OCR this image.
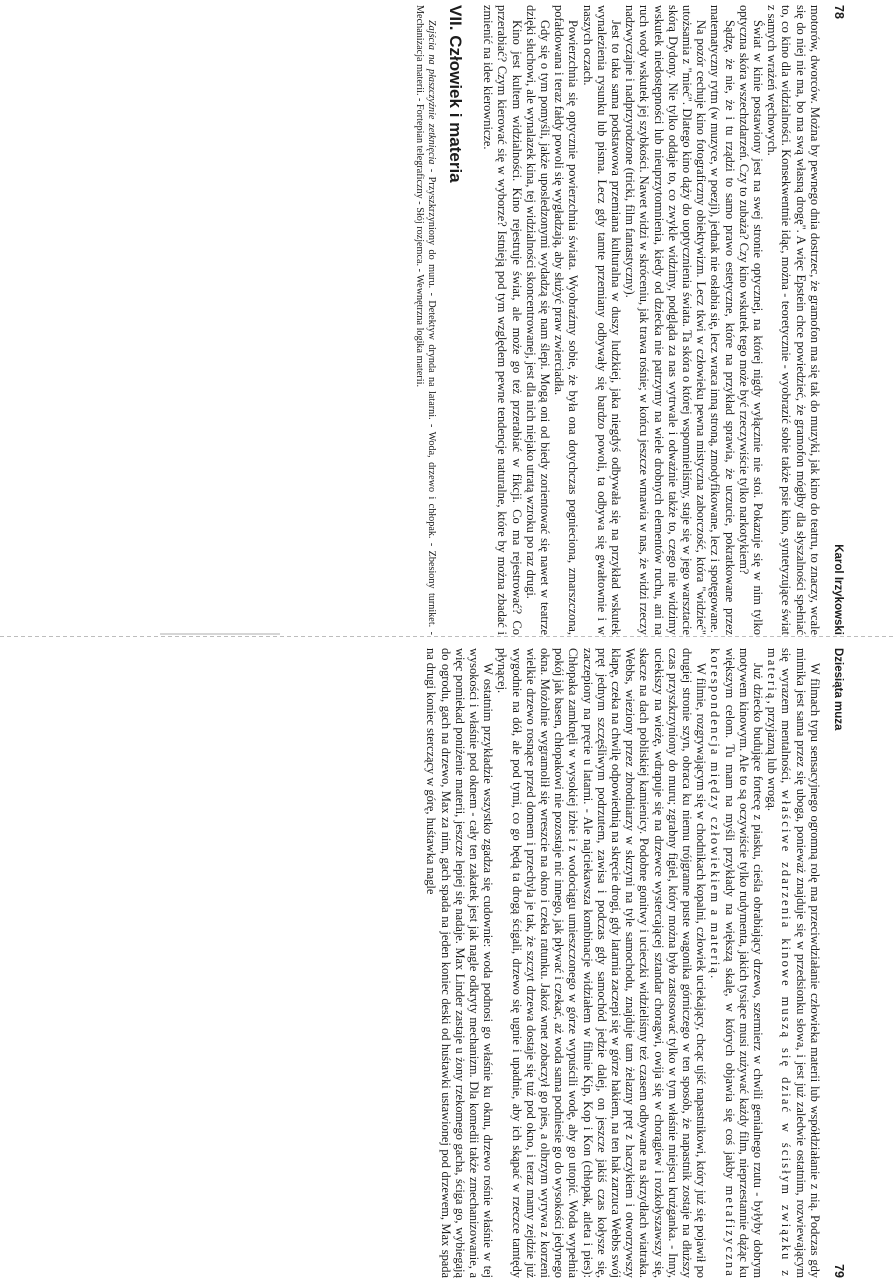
78
Karol Irzykowski

motorów, dworców. Można by pewnego dnia dostrzec, że gramofon ma się tak do muzyki, jak kino do teatru, to znaczy, wcale się do niej nie ma, bo ma swą własną drogę". A więc Epstein chce powiedzieć, że gramofon mógłby dla słyszalności spełniać to, co kino dla widzialności. Konsekwentnie idąc, można - teoretycznie - wyobrazić sobie także psie kino, syntetyzujące świat z samych wrażeń węchowych.

Świat w kinie postawiony jest na swej stronie optycznej, na której nigdy wyłącznie nie stoi. Pokazuje się w nim tylko optyczna skóra wszechzdarzeń. Czy to zubaża? Czy kino wskutek tego może być rzeczywiście tylko narkotykiem?

Sądzę, że nie, że i tu rządzi to samo prawo estetyczne, które na przykład sprawia, że uczucie, pokratkowane przez matematyczny rytm (w muzyce, w poezji), jednak nie osłabia się, lecz wraca inną stroną, zmodyfikowane, lecz i spotęgowane.

Na pozór cechuje kino fotograficzny obiektywizm. Lecz tkwi w człowieku pewna mistyczna zaborczość, która "widzieć" utożsamia z "mieć". Dlatego kino dąży do uoptycznienia świata. Ta skóra o której wspomnieliśmy, staje się w jego warsztacie skórą Dydony. Nie tylko oddaje to, co zwykle widzimy, podgląda za nas wytrwale i odważnie także to, czego nie widzimy wskutek niedostępności lub nieuprzytomnienia, kiedy od dziecka nie patrzymy na wiele drobnych elementów ruchu, ani na ruch wody wskutek jej szybkości. Nawet widzi w skróceniu, jak trawa rośnie; w końcu jeszcze wmawia w nas, że widzi rzeczy nadzwyczajne i nadprzyrodzone (tricki, film fantastyczny).

Jest to taka sama podstawowa przemiana kulturalna w duszy ludzkiej, jaka niegdyś odbywała się na przykład wskutek wynalezienia rysunku lub pisma. Lecz gdy tamte przemiany odbywały się bardzo powoli, ta odbywa się gwałtownie i w naszych oczach.

Powierzchnia się optycznie powierzchnia świata. Wyobraźmy sobie, że była ona dotychczas pognieciona, zmarszczona, pofałdowana i teraz fałdy powoli się wygładzają, aby służyć praw zwierciadła.

Gdy się o tym pomyśli, jakże uposledzonymi wydadzą się nam ślepi. Mogą oni od biedy zorientować się nawet w teatrze dzięki słuchowi, ale wynalazek kina, tej widzialności skoncentrowanej, jest dla nich niejako utratą wzroku po raz drugi.

Kino jest kultem widzialności. Kino rejestruje świat, ale może go też przerabiać w fikcji. Co ma rejestrować? Co przerabiać? Czym kierować się w wyborze? Istnieją pod tym względem pewne tendencje naturalne, które by można zbadać i zmienić na idee kierownicze.

VII. Człowiek i materia

Zajścia na płaszczyźnie zetknięcia - Przyszkrzyniony do muru. - Detektyw drynda na latarni. - Woda, drzewo i chłopak. - Zbesiony turniket. - Mechanizacja materii. - Fortepian telegraficzny - Słój rozjemca. - Wewnętrzna logika materii.

Dziesiąta muza
79

W filmach typu sensacyjnego ogromną rolę ma przeciwdziałanie człowieka materii lub współdziałanie z nią. Podczas gdy mimika jest sama przez się uboga, ponieważ znajduje się w przedsionku słowa, i jest już zaledwie ostatnim, rozwiewającym się wyrazem mentalności, właściwe zdarzenia kinowe muszą się dziać w ścisłym związku z materią, przyjazną lub wrogą.

Już dziecko budujące fortecę z piasku, cieśla obrabiający drzewo, szermierz w chwili genialnego rzutu - byłyby dobrym motywem kinowym. Ale to są oczywiście tylko rudymenta, jakich tysiące musi zużywać każdy film, nieprzestannie dążąc ku większym celom. Tu mam na myśli przykłady na większą skalę, w których objawia się coś jakby metafizyczna korespondencja między człowiekiem a materią.

W filmie, rozgrywającym się w chodnikach kopalni, człowiek uciekający, chcąc ujść napastnikowi, który już się pojawił po drugiej stronie szyn, obraca ku niemu trójgranne puste wagonika górniczego w ten sposób, że napastnik zostaje na dłuższy czas przyszkrzyniony do muru; zgrabny figiel, który można było zastosować tylko w tym właśnie miejscu krużganka. - Inny, uciekiszy na wieżę, wdrapuje się na drzewce wystercającej sztandar choragwi, owija się w chorągiew i rozkołyszawszy się, skacze na dach pobliskiej kamienicy. Podobne gonitwy i ucieczki widzieliśmy też czasem odbywane na skrzydłach wiatraka. Webbs, wieziony przez zbrodniarzy w skrzyni na tyle samochodu, znajduje tam żelazny pręt z haczykiem i otworzywszy klapę, czeka na chwilę odpowiednią na skręcie drogi, gdy latarnia zaczepi się w górze hakiem, na ten hak zarzuca Webbs swój pręt jednym szczęśliwym podrzutem, zawisa i podczas gdy samochód jedzie dalej, on jeszcze jakiś czas kołysze się, zaczepiony na pręcie u latarni. - Ale najciekawsza kombinacje widziałem w filmie Kip, Kop i Kon (chłopak, atleta i pies): Chłopaka zamknęli w wysokiej izbie i z wodociągu umieszczonego w górze wypuścili wodę, aby go utopić. Woda wypełnia pokój jak basen, chłopakowi nie pozostaje nic innego, jak pływać i czekać, aż woda sama podniesie go do wysokości jedynego okna. Możolnie wygramolił się wreszcie na okno i czeka ratunku. Jakoż wnet zobaczył go pies, a olbrzym wyrywa z korzeni wielkie drzewo rosnące przed domem i przechyla je tak, że szczyt drzewa dostaje się tuż pod okno, i teraz mamy zejdzie już wygodnie na dół, ale pod tymi, co go będą ta drogą ścigali, drzewo się ugnie i upadnie, aby ich skąpać w rzeczce tamtędy płynącej.

W ostatnim przykładzie wszystko zgadza się cudownie: woda podnosi go właśnie ku oknu, drzewo rośnie właśnie w tej wysokości i właśnie pod oknem - cały ten zakatek jest jak nagle odkryty mechanizm. Dla komedii także zmechanizowanie, a więc pomiekad poniżenie materii, jeszcze lepiej się nadaje. Max Linder zastaje u żony rzekomego gacha, ściga go, wybiegają do ogrodu, gach na drzewo, Max za nim, gach spada na jeden koniec deski od huśtawki ustawionej pod drzewem, Max spada na drugi koniec sterczący w górę, huśtawka nagle
